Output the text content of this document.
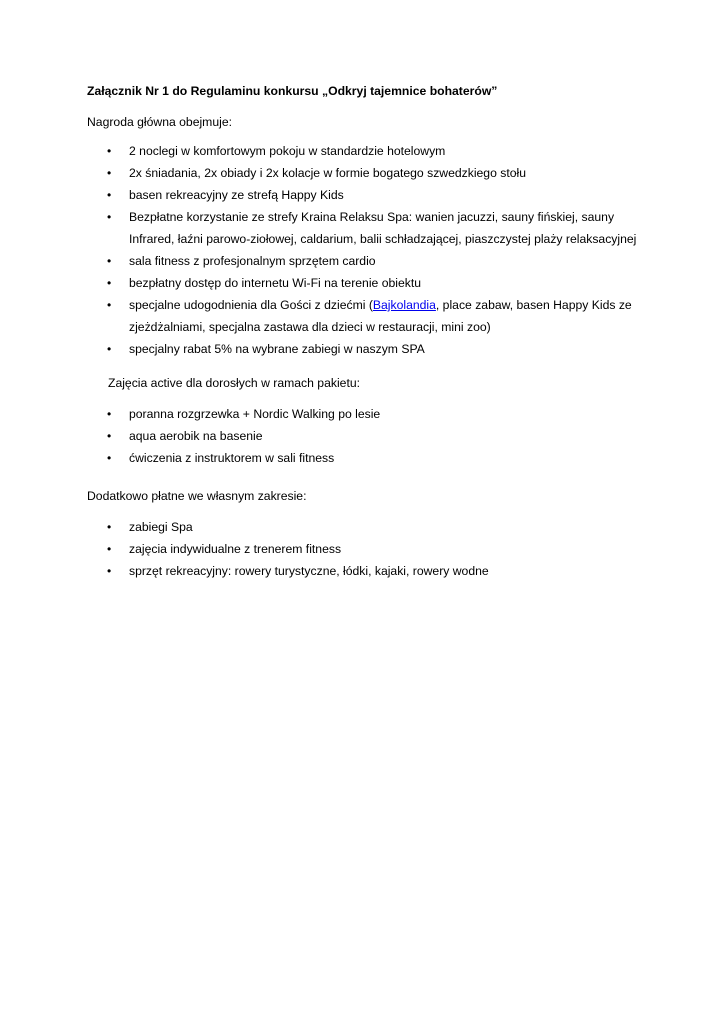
Załącznik Nr 1 do Regulaminu konkursu „Odkryj tajemnice bohaterów”
Nagroda główna obejmuje:
• 2 noclegi w komfortowym pokoju w standardzie hotelowym
• 2x śniadania, 2x obiady i 2x kolacje w formie bogatego szwedzkiego stołu
• basen rekreacyjny ze strefą Happy Kids
• Bezpłatne korzystanie ze strefy Kraina Relaksu Spa: wanien jacuzzi, sauny fińskiej, sauny
Infrared, łaźni parowo-ziołowej, caldarium, balii schładzającej, piaszczystej plaży relaksacyjnej
• sala fitness z profesjonalnym sprzętem cardio
• bezpłatny dostęp do internetu Wi-Fi na terenie obiektu
• specjalne udogodnienia dla Gości z dziećmi (Bajkolandia, place zabaw, basen Happy Kids ze
zjeżdżalniami, specjalna zastawa dla dzieci w restauracji, mini zoo)
• specjalny rabat 5% na wybrane zabiegi w naszym SPA
Zajęcia active dla dorosłych w ramach pakietu:
• poranna rozgrzewka + Nordic Walking po lesie
• aqua aerobik na basenie
• ćwiczenia z instruktorem w sali fitness
Dodatkowo płatne we własnym zakresie:
• zabiegi Spa
• zajęcia indywidualne z trenerem fitness
• sprzęt rekreacyjny: rowery turystyczne, łódki, kajaki, rowery wodne
